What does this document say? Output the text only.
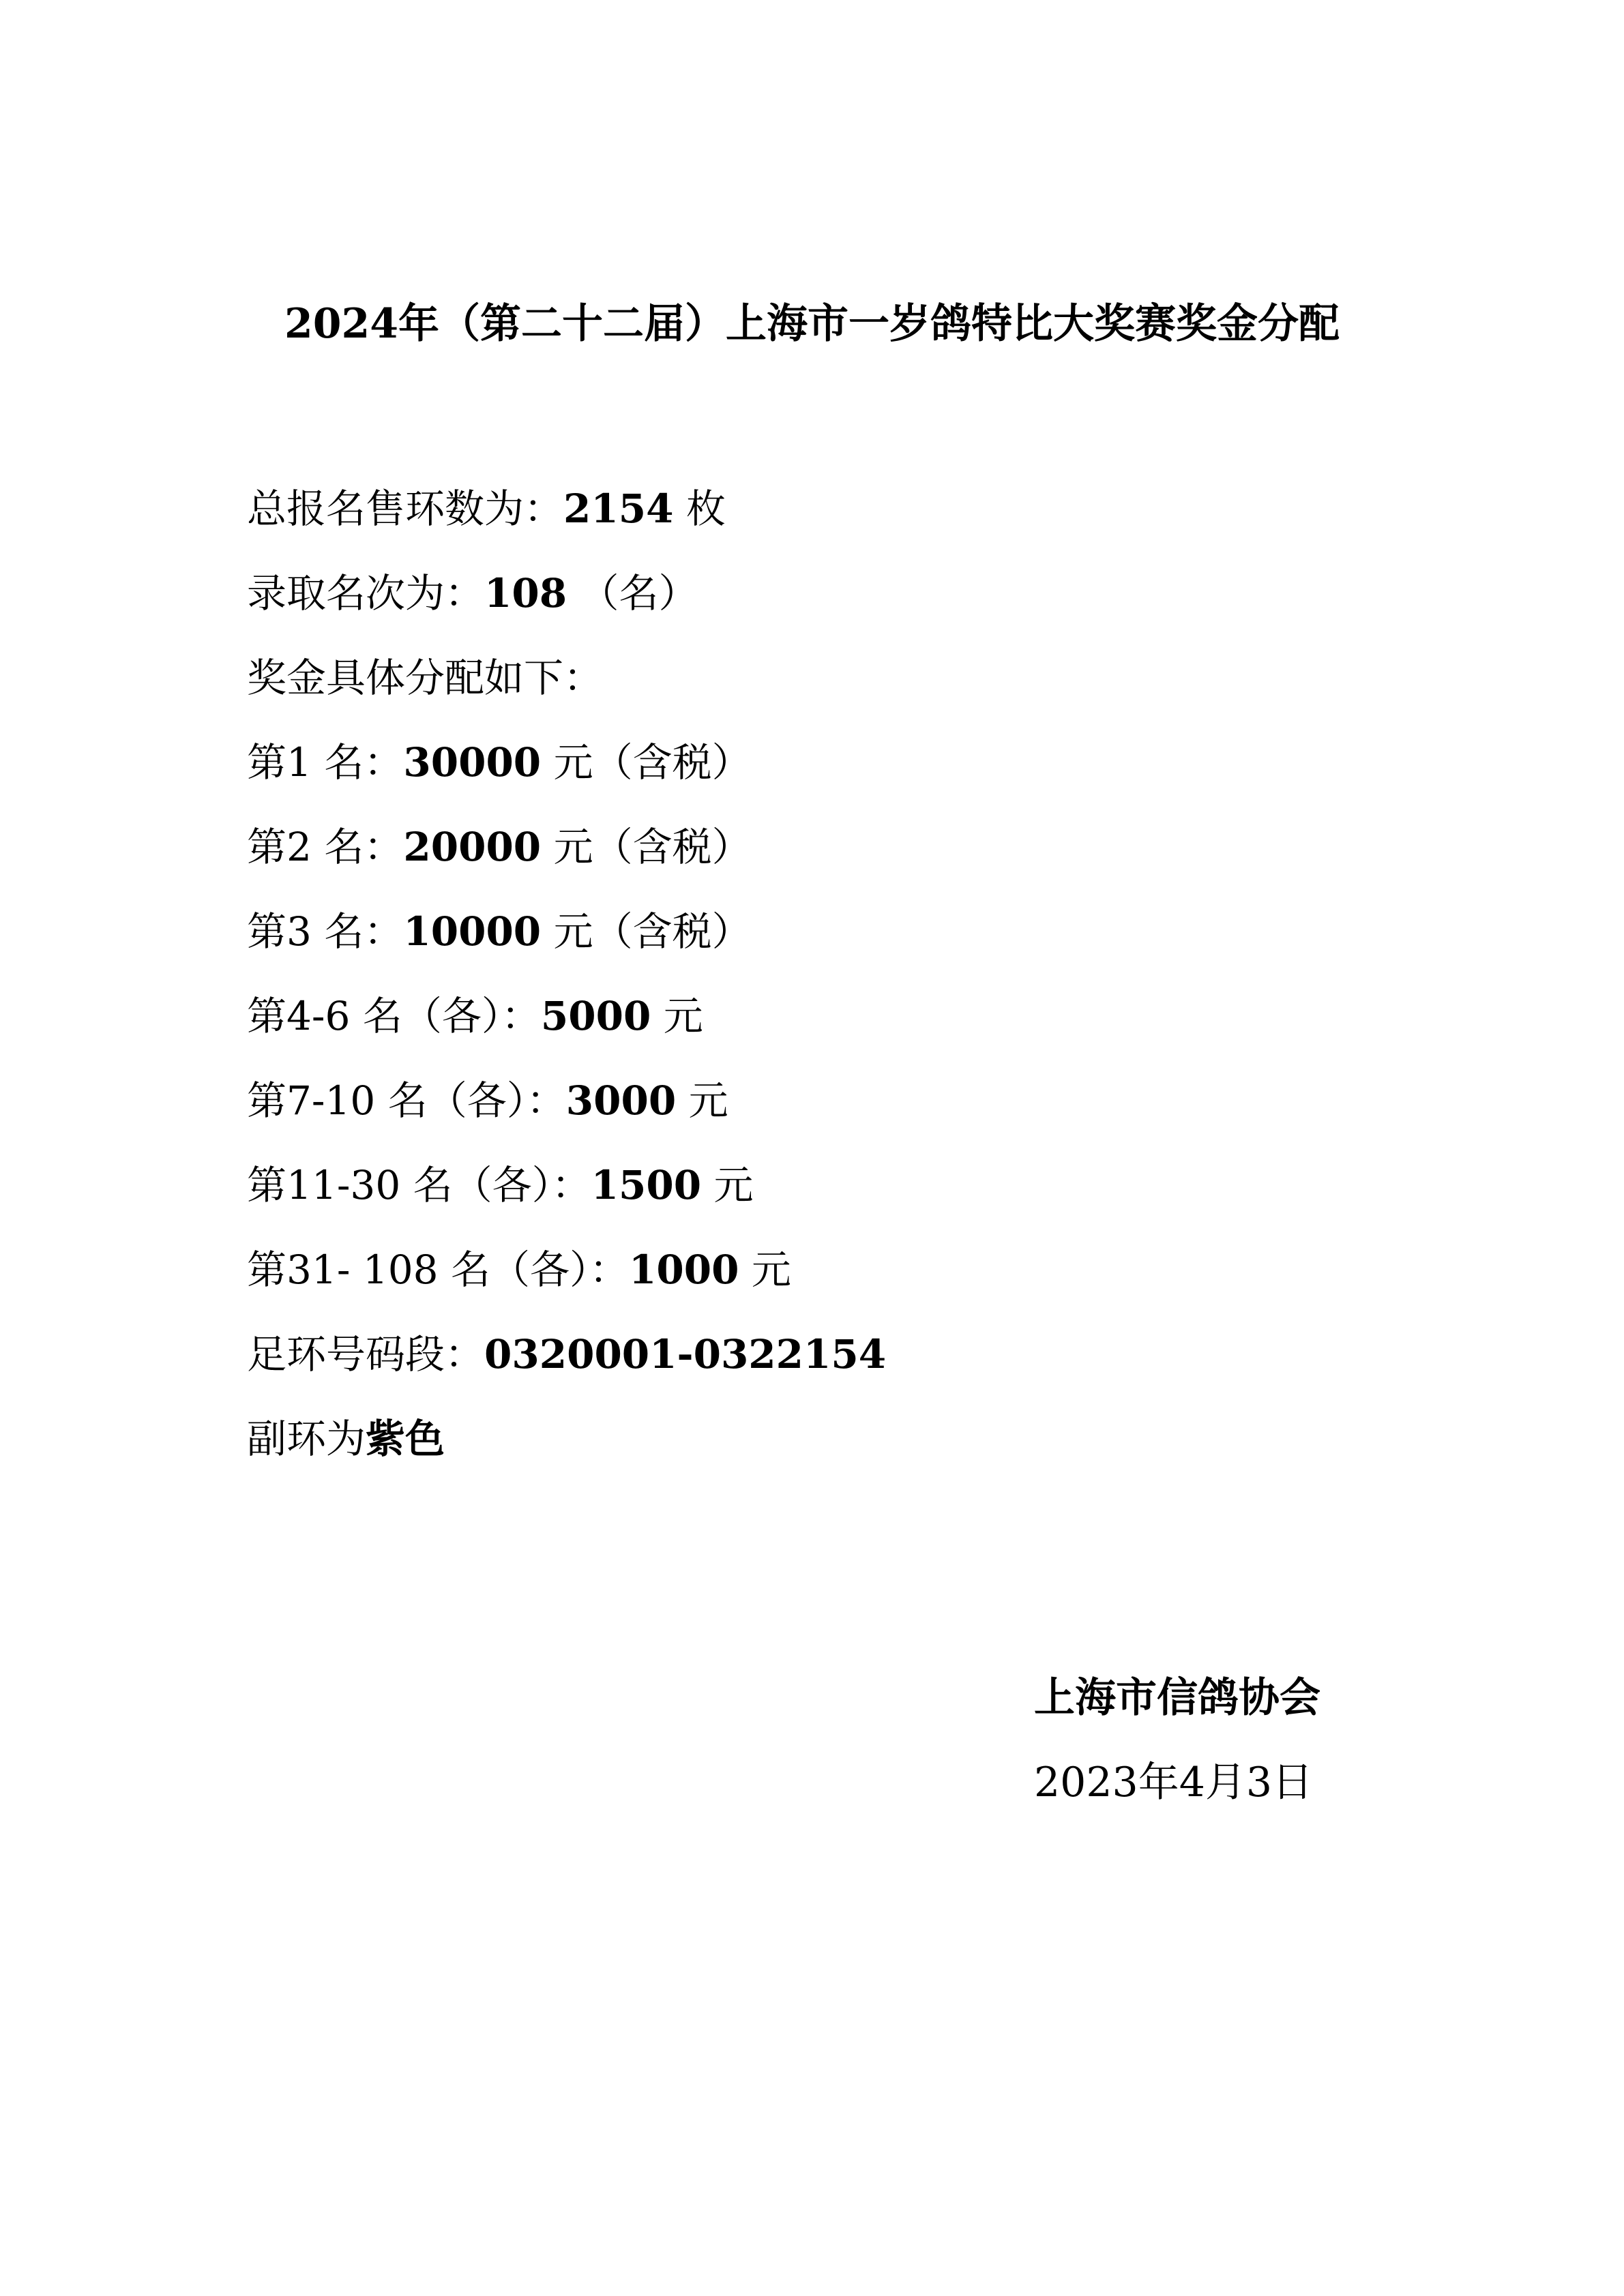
2024年（第二十二届）上海市一岁鸽特比大奖赛奖金分配
总报名售环数为：2154 枚
录取名次为：108 （名）
奖金具体分配如下：
第1 名：30000 元（含税）
第2 名：20000 元（含税）
第3 名：10000 元（含税）
第4-6 名（各）：5000 元
第7-10 名（各）：3000 元
第11-30 名（各）：1500 元
第31- 108 名（各）：1000 元
足环号码段：0320001-0322154
副环为紫色
上海市信鸽协会
2023年4月3日
